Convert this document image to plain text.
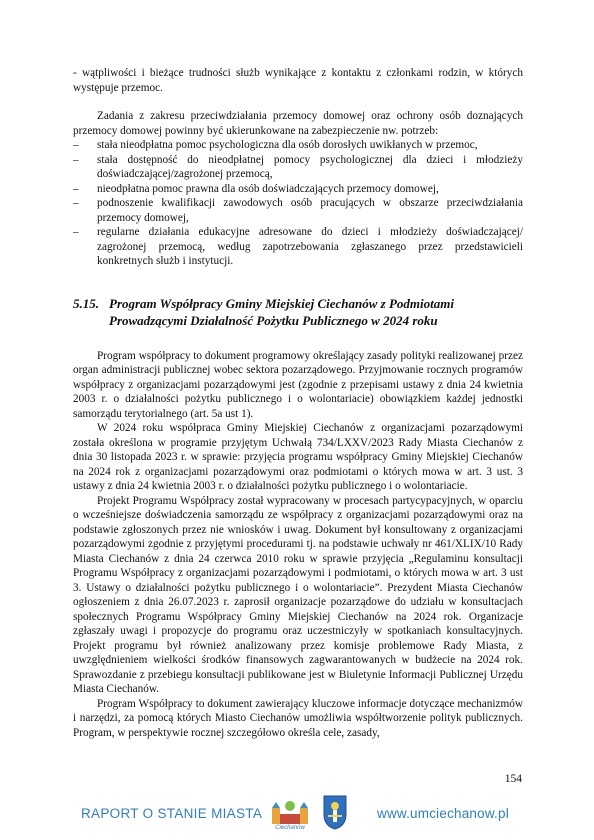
- wątpliwości i bieżące trudności służb wynikające z kontaktu z członkami rodzin, w których występuje przemoc.

Zadania z zakresu przeciwdziałania przemocy domowej oraz ochrony osób doznających przemocy domowej powinny być ukierunkowane na zabezpieczenie nw. potrzeb:

– stała nieodpłatna pomoc psychologiczna dla osób dorosłych uwikłanych w przemoc,
– stała dostępność do nieodpłatnej pomocy psychologicznej dla dzieci i młodzieży doświadczającej/zagrożonej przemocą,
– nieodpłatna pomoc prawna dla osób doświadczających przemocy domowej,
– podnoszenie kwalifikacji zawodowych osób pracujących w obszarze przeciwdziałania przemocy domowej,
– regularne działania edukacyjne adresowane do dzieci i młodzieży doświadczającej/ zagrożonej przemocą, według zapotrzebowania zgłaszanego przez przedstawicieli konkretnych służb i instytucji.
5.15. Program Współpracy Gminy Miejskiej Ciechanów z Podmiotami Prowadzącymi Działalność Pożytku Publicznego w 2024 roku

Program współpracy to dokument programowy określający zasady polityki realizowanej przez organ administracji publicznej wobec sektora pozarządowego. Przyjmowanie rocznych programów współpracy z organizacjami pozarządowymi jest (zgodnie z przepisami ustawy z dnia 24 kwietnia 2003 r. o działalności pożytku publicznego i o wolontariacie) obowiązkiem każdej jednostki samorządu terytorialnego (art. 5a ust 1).

W 2024 roku współpraca Gminy Miejskiej Ciechanów z organizacjami pozarządowymi została określona w programie przyjętym Uchwałą 734/LXXV/2023 Rady Miasta Ciechanów z dnia 30 listopada 2023 r. w sprawie: przyjęcia programu współpracy Gminy Miejskiej Ciechanów na 2024 rok z organizacjami pozarządowymi oraz podmiotami o których mowa w art. 3 ust. 3 ustawy z dnia 24 kwietnia 2003 r. o działalności pożytku publicznego i o wolontariacie.

Projekt Programu Współpracy został wypracowany w procesach partycypacyjnych, w oparciu o wcześniejsze doświadczenia samorządu ze współpracy z organizacjami pozarządowymi oraz na podstawie zgłoszonych przez nie wniosków i uwag. Dokument był konsultowany z organizacjami pozarządowymi zgodnie z przyjętymi procedurami tj. na podstawie uchwały nr 461/XLIX/10 Rady Miasta Ciechanów z dnia 24 czerwca 2010 roku w sprawie przyjęcia „Regulaminu konsultacji Programu Współpracy z organizacjami pozarządowymi i podmiotami, o których mowa w art. 3 ust 3. Ustawy o działalności pożytku publicznego i o wolontariacie”. Prezydent Miasta Ciechanów ogłoszeniem z dnia 26.07.2023 r. zaprosił organizacje pozarządowe do udziału w konsultacjach społecznych Programu Współpracy Gminy Miejskiej Ciechanów na 2024 rok. Organizacje zgłaszały uwagi i propozycje do programu oraz uczestniczyły w spotkaniach konsultacyjnych. Projekt programu był również analizowany przez komisje problemowe Rady Miasta, z uwzględnieniem wielkości środków finansowych zagwarantowanych w budżecie na 2024 rok. Sprawozdanie z przebiegu konsultacji publikowane jest w Biuletynie Informacji Publicznej Urzędu Miasta Ciechanów.

Program Współpracy to dokument zawierający kluczowe informacje dotyczące mechanizmów i narzędzi, za pomocą których Miasto Ciechanów umożliwia współtworzenie polityk publicznych. Program, w perspektywie rocznej szczegółowo określa cele, zasady,

154
RAPORT O STANIE MIASTA
Ciechanów
www.umciechanow.pl
